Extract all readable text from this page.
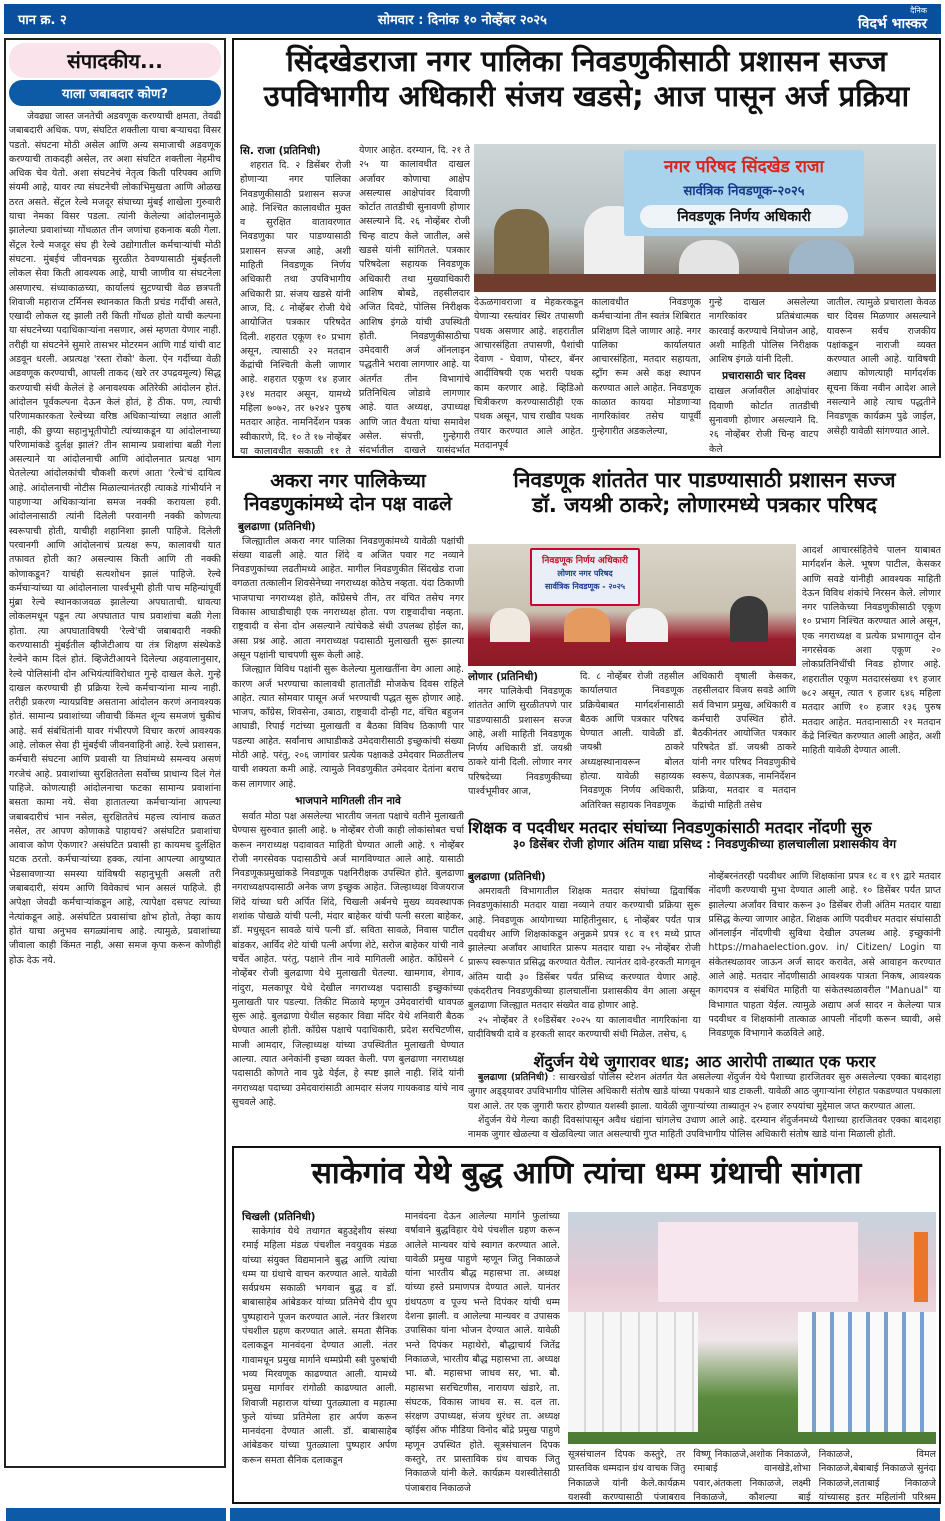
पान क्र. २	सोमवार : दिनांक १० नोव्हेंबर २०२५
दैनिक
विदर्भ भास्कर
संपादकीय...
याला जबाबदार कोण?
जेवढ्या जास्त जनतेची अडवणूक करण्याची क्षमता, तेवढी जबाबदारी अधिक. पण, संघटित शक्तीला याचा बऱ्याचदा विसर पडतो. संघटना मोठी असेल आणि अन्य समाजाची अडवणूक करण्याची ताकदही असेल, तर अशा संघटित शक्तीला नेहमीच अधिक चेव येतो. अशा संघटनेचं नेतृत्व किती परिपक्व आणि संयमी आहे, यावर त्या संघटनेची लोकाभिमुखता आणि ओळख ठरत असते. सेंट्रल रेल्वे मजदूर संघाच्या मुंबई शाखेला गुरुवारी याचा नेमका विसर पडला. त्यांनी केलेल्या आंदोलनामुळे झालेल्या प्रवाशांच्या गोंधळात तीन जणांचा हकनाक बळी गेला. सेंट्रल रेल्वे मजदूर संघ ही रेल्वे उद्योगातील कर्मचाऱ्यांची मोठी संघटना. मुंबईचं जीवनचक्र सुरळीत ठेवण्यासाठी मुंबईतली लोकल सेवा किती आवश्यक आहे, याची जाणीव या संघटनेला असणारच. संध्याकाळच्या, कार्यालयं सुटण्याची वेळ छत्रपती शिवाजी महाराज टर्मिनस स्थानकात किती प्रचंड गर्दीची असते, एखादी लोकल रद्द झाली तरी किती गोंधळ होतो याची कल्पना या संघटनेच्या पदाधिकाऱ्यांना नसणार, असं म्हणता येणार नाही. तरीही या संघटनेने सुमारे तासभर मोटरमन आणि गार्ड यांची वाट अडवून धरली. अप्रत्यक्ष 'रस्ता रोको' केला. ऐन गर्दीच्या वेळी अडवणूक करण्याची, आपली ताकद (खरे तर उपद्रवमूल्य) सिद्ध करण्याची संधी केलेलं हे अनावश्यक अतिरेकी आंदोलन होतं. आंदोलन पूर्वकल्पना देऊन केलं होतं, हे ठीक. पण, त्याची परिणामकारकता रेल्वेच्या वरिष्ठ अधिकाऱ्यांच्या लक्षात आली नाही, की छुप्या सहानुभूतीपोटी त्यांच्याकडून या आंदोलनाच्या परिणामांकडे दुर्लक्ष झालं? तीन सामान्य प्रवाशांचा बळी गेला असल्याने या आंदोलनाची आणि आंदोलनात प्रत्यक्ष भाग घेतलेल्या आंदोलकांची चौकशी करणं आता 'रेल्वे'चं दायित्व आहे. आंदोलनाची नोटीस मिळाल्यानंतरही त्याकडे गांभीर्याने न पाहणाऱ्या अधिकाऱ्यांना समज नक्की करायला हवी. आंदोलनासाठी त्यांनी दिलेली परवानगी नक्की कोणत्या स्वरूपाची होती, याचीही शहानिशा झाली पाहिजे. दिलेली परवानगी आणि आंदोलनाचं प्रत्यक्ष रूप, कालावधी यात तफावत होती का? असल्यास किती आणि ती नक्की कोणाकडून? याचंही सत्यशोधन झालं पाहिजे. रेल्वे कर्मचाऱ्यांच्या या आंदोलनाला पार्श्वभूमी होती पाच महिन्यांपूर्वी मुंब्रा रेल्वे स्थानकाजवळ झालेल्या अपघाताची. धावत्या लोकलमधून पडून त्या अपघातात पाच प्रवाशांचा बळी गेला होता. त्या अपघाताविषयी 'रेल्वे'ची जबाबदारी नक्की करण्यासाठी मुंबईतील व्हीजेटीआय या तंत्र शिक्षण संस्थेकडे रेल्वेने काम दिलं होतं. व्हिजेटीआयने दिलेल्या अहवालानुसार, रेल्वे पोलिसांनी दोन अभियंत्यांविरोधात गुन्हे दाखल केले. गुन्हे दाखल करण्याची ही प्रक्रिया रेल्वे कर्मचाऱ्यांना मान्य नाही. तरीही प्रकरण न्यायप्रविष्ट असताना आंदोलन करणं अनावश्यक होतं. सामान्य प्रवाशांच्या जीवाची किंमत शून्य समजणं चुकीचं आहे. सर्व संबंधितांनी यावर गंभीरपणे विचार करणं आवश्यक आहे. लोकल सेवा ही मुंबईची जीवनवाहिनी आहे. रेल्वे प्रशासन, कर्मचारी संघटना आणि प्रवासी या तिघांमध्ये समन्वय असणं गरजेचं आहे. प्रवाशांच्या सुरक्षिततेला सर्वोच्च प्राधान्य दिलं गेलं पाहिजे. कोणत्याही आंदोलनाचा फटका सामान्य प्रवाशांना बसता कामा नये. सेवा हातातल्या कर्मचाऱ्यांना आपल्या जबाबदारीचं भान नसेल, सुरक्षिततेचं महत्त्व त्यांनाच कळत नसेल, तर आपण कोणाकडे पाहायचं? असंघटित प्रवाशांचा आवाज कोण ऐकणार? असंघटित प्रवासी हा कायमच दुर्लक्षित घटक ठरतो. कर्मचाऱ्यांच्या हक्क, त्यांना आपल्या आयुष्यात भेडसावणाऱ्या समस्या यांविषयी सहानुभूती असली तरी जबाबदारी, संयम आणि विवेकाचं भान असलं पाहिजे. ही अपेक्षा जेवढी कर्मचाऱ्यांकडून आहे, त्यापेक्षा दसपट त्यांच्या नेत्यांकडून आहे. असंघटित प्रवासांचा क्षोभ होतो, तेव्हा काय होतं याचा अनुभव सगळ्यांनाच आहे. त्यामुळे, प्रवाशांच्या जीवाला काही किंमत नाही, असा समज कृपा करून कोणीही होऊ देऊ नये.
सिंदखेडराजा नगर पालिका निवडणुकीसाठी प्रशासन सज्ज
उपविभागीय अधिकारी संजय खडसे; आज पासून अर्ज प्रक्रिया
सि. राजा (प्रतिनिधी)
शहरात दि. २ डिसेंबर रोजी होणाऱ्या नगर पालिका निवडणुकीसाठी प्रशासन सज्ज आहे. निश्चित कालावधीत मुक्त व सुरक्षित वातावरणात निवडणुका पार पाडण्यासाठी प्रशासन सज्ज आहे, अशी माहिती निवडणूक निर्णय अधिकारी तथा उपविभागीय अधिकारी प्रा. संजय खडसे यांनी आज, दि. ८ नोव्हेंबर रोजी येथे आयोजित पत्रकार परिषदेत दिली. शहरात एकूण १० प्रभाग असून, त्यासाठी २२ मतदान केंद्रांची निश्चिती केली जाणार आहे. शहरात एकूण १४ हजार ३१४ मतदार असून, यामध्ये महिला ७०७२, तर ७२४२ पुरुष मतदार आहेत. नामनिर्देशन पत्रक स्वीकारणे, दि. १० ते १७ नोव्हेंबर या कालावधीत सकाळी ११ ते
येणार आहेत. दरम्यान, दि. २१ ते २५ या कालावधीत दाखल अर्जावर कोणाचा आक्षेप असल्यास आक्षेपांवर दिवाणी कोर्टात तातडीची सुनावणी होणार असल्याने दि. २६ नोव्हेंबर रोजी चिन्ह वाटप केले जातील, असे खडसे यांनी सांगितले. पत्रकार परिषदेला सहायक निवडणूक अधिकारी तथा मुख्याधिकारी आशिष बोबडे, तहसीलदार अजित दिवटे, पोलिस निरीक्षक आशिष इंगळे यांची उपस्थिती होती. निवडणुकीसाठीचा उमेदवारी अर्ज ऑनलाइन पद्धतीने भरावा लागणार आहे. या अंतर्गत तीन विभागांचे प्रतिनिधित्व जोडावे लागणार आहे. यात अध्यक्ष, उपाध्यक्ष आणि जात वैधता यांचा समावेश असेल. संपत्ती, गुन्हेगारी संदर्भातील दाखले यासंदर्भात
नगर परिषद सिंदखेड राजा
सार्वत्रिक निवडणूक-२०२५
निवडणूक निर्णय अधिकारी
देऊळगावराजा व मेहकरकडून येणाऱ्या रस्त्यांवर स्थिर तपासणी पथक असणार आहे. शहरातील आचारसंहिता तपासणी, पैशांची देवाण - घेवाण, पोस्टर, बॅनर आदींविषयी एक भरारी पथक काम करणार आहे. व्हिडिओ चित्रीकरण करण्यासाठीही एक पथक असून, पाच राखीव पथक तयार करण्यात आले आहेत. मतदानपूर्व
कालावधीत निवडणूक कर्मचाऱ्यांना तीन स्वतंत्र शिबिरात प्रशिक्षण दिले जाणार आहे. नगर पालिका कार्यालयात आचारसंहिता, मतदार सहायता, स्ट्रॉंग रूम असे कक्ष स्थापन करण्यात आले आहेत. निवडणूक काळात कायदा मोडणाऱ्या नागरिकांवर तसेच यापूर्वी गुन्हेगारीत अडकलेल्या,
गुन्हे दाखल असलेल्या नागरिकांवर प्रतिबंधात्मक कारवाई करण्याचे नियोजन आहे, अशी माहिती पोलिस निरीक्षक आशिष इंगळे यांनी दिली.
प्रचारासाठी चार दिवस
दाखल अर्जावरील आक्षेपांवर दिवाणी कोर्टात तातडीची सुनावणी होणार असल्याने दि. २६ नोव्हेंबर रोजी चिन्ह वाटप केले
जातील. त्यामुळे प्रचाराला केवळ चार दिवस मिळणार असल्याने यावरून सर्वच राजकीय पक्षांकडून नाराजी व्यक्त करण्यात आली आहे. याविषयी अद्याप कोणत्याही मार्गदर्शक सूचना किंवा नवीन आदेश आले नसल्याने आहे त्याच पद्धतीने निवडणूक कार्यक्रम पुढे जाईल, असेही यावेळी सांगण्यात आले.
अकरा नगर पालिकेच्या
निवडणुकांमध्ये दोन पक्ष वाढले
बुलढाणा (प्रतिनिधी)
जिल्ह्यातील अकरा नगर पालिका निवडणुकांमध्ये यावेळी पक्षांची संख्या वाढली आहे. यात शिंदे व अजित पवार गट नव्याने निवडणुकांच्या लढतीमध्ये आहेत. मागील निवडणुकीत सिंदखेड राजा वगळता तत्कालीन शिवसेनेच्या नगराध्यक्ष कोठेच नव्हता. यंदा ठिकाणी भाजपाचा नगराध्यक्ष होते, काँग्रेसचे तीन, तर वंचित तसेच नगर विकास आघाडीचाही एक नगराध्यक्ष होता. पण राष्ट्रवादीचा नव्हता. राष्ट्रवादी व सेना दोन असल्याने त्यांचेकडे संधी उपलब्ध होईल का, असा प्रश्न आहे. आता नगराध्यक्ष पदासाठी मुलाखती सुरू झाल्या असून पक्षांनी चाचपणी सुरू केली आहे.
जिल्ह्यात विविध पक्षांनी सुरू केलेल्या मुलाखतींना वेग आला आहे. कारण अर्ज भरण्याचा कालावधी हातातोंडी मोजकेच दिवस राहिले आहेत. त्यात सोमवार पासून अर्ज भरण्याची पद्धत सुरू होणार आहे. भाजप, काँग्रेस, शिवसेना, उबाठा, राष्ट्रवादी दोन्ही गट, वंचित बहुजन आघाडी, रिपाई गटांच्या मुलाखती व बैठका विविध ठिकाणी पार पडल्या आहेत. सर्वांनाच आघाडीकडे उमेदवारीसाठी इच्छुकांची संख्या मोठी आहे. परंतु, २०६ जागांवर प्रत्येक पक्षाकडे उमेदवार मिळतीलच याची शक्यता कमी आहे. त्यामुळे निवडणुकीत उमेदवार देतांना बराच कस लागणार आहे.
भाजपाने मागितली तीन नावे
सर्वात मोठा पक्ष असलेल्या भारतीय जनता पक्षाचे वतीने मुलाखती घेण्यास सुरुवात झाली आहे. ७ नोव्हेंबर रोजी काही लोकांसोबत चर्चा करून नगराध्यक्ष पदावावत माहिती घेण्यात आली आहे. ९ नोव्हेंबर रोजी नगरसेवक पदासाठीचे अर्ज मागविण्यात आले आहे. यासाठी निवडणूकप्रमुखांकडे निवडणूक पक्षनिरीक्षक उपस्थित होते. बुलढाणा नगराध्यक्षपदासाठी अनेक जण इच्छुक आहेत. जिल्हाध्यक्ष विजयराज शिंदे यांच्या घरी अर्पित शिंदे, चिखली अर्बनचे मुख्य व्यवस्थापक शशांक पोखळे यांची पत्नी, मंदार बाहेकर यांची पत्नी सरला बाहेकर, डॉ. मधुसूदन सावळे यांचे पत्नी डॉ. सविता सावळे, निवास पाटील बांडकर, आर्विद शेटे यांची पत्नी अर्पणा शेटे, सरोज बाहेकर यांची नावे चर्चेत आहेत. परंतु, पक्षाने तीन नावे मागितली आहेत. काँग्रेसने ८ नोव्हेंबर रोजी बुलढाणा येथे मुलाखती घेतल्या. खामगाव, शेगाव, नांदुरा, मलकापूर येथे देखील नगराध्यक्ष पदासाठी इच्छुकांच्या मुलाखती पार पडल्या. तिकीट मिळावे म्हणून उमेदवारांची धावपळ सुरू आहे. बुलढाणा येथील सहकार विद्या मंदिर येथे शनिवारी बैठक घेण्यात आली होती. काँग्रेस पक्षाचे पदाधिकारी, प्रदेश सरचिटणीस, माजी आमदार, जिल्हाध्यक्ष यांच्या उपस्थितीत मुलाखती घेण्यात आल्या. त्यात अनेकांनी इच्छा व्यक्त केली. पण बुलढाणा नगराध्यक्ष पदासाठी कोणते नाव पुढे येईल, हे स्पष्ट झाले नाही. शिंदे यांनी नगराध्यक्ष पदाच्या उमेदवारांसाठी आमदार संजय गायकवाड यांचे नाव सुचवले आहे.
निवडणूक शांततेत पार पाडण्यासाठी प्रशासन सज्ज
डॉ. जयश्री ठाकरे; लोणारमध्ये पत्रकार परिषद
निवडणूक निर्णय अधिकारी
लोणार नगर परिषद
सार्वत्रिक निवडणूक - २०२५
आदर्श आचारसंहितेचे पालन याबाबत मार्गदर्शन केले. भूषण पाटील, केसकर आणि सवडे यांनीही आवश्यक माहिती देऊन विविध शंकांचे निरसन केले. लोणार नगर पालिकेच्या निवडणुकीसाठी एकूण १० प्रभाग निश्चित करण्यात आले असून, एक नगराध्यक्ष व प्रत्येक प्रभागातून दोन नगरसेवक अशा एकूण २० लोकप्रतिनिधींची निवड होणार आहे. शहरातील एकूण मतदारसंख्या १९ हजार ७८२ असून, त्यात ९ हजार ६४६ महिला मतदार आणि १० हजार १३६ पुरुष मतदार आहेत. मतदानासाठी २१ मतदान केंद्रे निश्चित करण्यात आली आहेत, अशी माहिती यावेळी देण्यात आली.
लोणार (प्रतिनिधी)
नगर पालिकेची निवडणूक शांततेत आणि सुरळीतपणे पार पाडण्यासाठी प्रशासन सज्ज आहे, अशी माहिती निवडणूक निर्णय अधिकारी डॉ. जयश्री ठाकरे यांनी दिली. लोणार नगर परिषदेच्या निवडणुकीच्या पार्श्वभूमीवर आज,
दि. ८ नोव्हेंबर रोजी तहसील कार्यालयात निवडणूक प्रक्रियेबाबत मार्गदर्शनासाठी बैठक आणि पत्रकार परिषद घेण्यात आली. यावेळी डॉ. जयश्री ठाकरे अध्यक्षस्थानावरून बोलत होत्या. यावेळी सहाय्यक निवडणूक निर्णय अधिकारी, अतिरिक्त सहायक निवडणूक
अधिकारी वृषाली केसकर, तहसीलदार विजय सवडे आणि सर्व विभाग प्रमुख, अधिकारी व कर्मचारी उपस्थित होते. बैठकीनंतर आयोजित पत्रकार परिषदेत डॉ. जयश्री ठाकरे यांनी नगर परिषद निवडणुकीचे स्वरूप, वेळापत्रक, नामनिर्देशन प्रक्रिया, मतदार व मतदान केंद्रांची माहिती तसेच
शिक्षक व पदवीधर मतदार संघांच्या निवडणुकांसाठी मतदार नोंदणी सुरु
३० डिसेंबर रोजी होणार अंतिम याद्या प्रसिध्द : निवडणुकीच्या हालचालीला प्रशासकीय वेग
बुलढाणा (प्रतिनिधी)
अमरावती विभागातील शिक्षक मतदार संघांच्या द्विवार्षिक निवडणुकांसाठी मतदार याद्या नव्याने तयार करण्याची प्रक्रिया सुरू आहे. निवडणूक आयोगाच्या माहितीनुसार, ६ नोव्हेंबर पर्यंत पात्र पदवीधर आणि शिक्षकांकडून अनुक्रमे प्रपत्र १८ व १९ मध्ये प्राप्त झालेल्या अर्जांवर आधारित प्रारूप मतदार याद्या २५ नोव्हेंबर रोजी प्रारूप स्वरूपात प्रसिद्ध करण्यात येतील. त्यानंतर दावे-हरकती मागवून अंतिम यादी ३० डिसेंबर पर्यंत प्रसिध्द करण्यात येणार आहे. एकंदरीतच निवडणुकीच्या हालचालींना प्रशासकीय वेग आला असून बुलढाणा जिल्ह्यात मतदार संख्येत वाढ होणार आहे.
२५ नोव्हेंबर ते १०डिसेंबर २०२५ या कालावधीत नागरिकांना या यादीविषयी दावे व हरकती सादर करण्याची संधी मिळेल. तसेच, ६
नोव्हेंबरनंतरही पदवीधर आणि शिक्षकांना प्रपत्र १८ व १९ द्वारे मतदार नोंदणी करण्याची मुभा देण्यात आली आहे. १० डिसेंबर पर्यंत प्राप्त झालेल्या अर्जांवर विचार करून ३० डिसेंबर रोजी अंतिम मतदार याद्या प्रसिद्ध केल्या जाणार आहेत. शिक्षक आणि पदवीधर मतदार संघांसाठी ऑनलाईन नोंदणीची सुविधा देखील उपलब्ध आहे. इच्छुकांनी https://mahaelection.gov. in/ Citizen/ Login या संकेतस्थळावर जाऊन अर्ज सादर करावेत, असे आवाहन करण्यात आले आहे. मतदार नोंदणीसाठी आवश्यक पात्रता निकष, आवश्यक कागदपत्र व संबंधित माहिती या संकेतस्थळावरील "Manual" या विभागात पाहता येईल. त्यामुळे अद्याप अर्ज सादर न केलेल्या पात्र पदवीधर व शिक्षकांनी तात्काळ आपली नोंदणी करून घ्यावी, असे निवडणूक विभागाने कळविले आहे.
शेंदुर्जन येथे जुगारावर धाड; आठ आरोपी ताब्यात एक फरार
बुलढाणा (प्रतिनिधी) : साखरखेर्डा पोलिस स्टेशन अंतर्गत येत असलेल्या शेंदुर्जन येथे पैशाच्या हारजितवर सुरु असलेल्या एक्का बादशहा जुगार अड्ड्यावर उपविभागीय पोलिस अधिकारी संतोष खाडे यांच्या पथकाने धाड टाकली. यावेळी आठ जुगाऱ्यांना रंगेहात पकडण्यात पथकाला यश आले. तर एक जुगारी फरार होण्यात यशस्वी झाला. यावेळी जुगाऱ्यांच्या ताब्यातून २५ हजार रुपयांचा मुद्देमाल जप्त करण्यात आला.
शेंदुर्जन येथे गेल्या काही दिवसांपासून अवैध धंद्यांना चांगलेच उधाण आले आहे. दरम्यान शेंदुर्जनमध्ये पैशाच्या हारजितवर एक्का बादशहा नामक जुगार खेळल्या व खेळविल्या जात असल्याची गुप्त माहिती उपविभागीय पोलिस अधिकारी संतोष खाडे यांना मिळाली होती.
साकेगांव येथे बुद्ध आणि त्यांचा धम्म ग्रंथाची सांगता
चिखली (प्रतिनिधी)
साकेगांव येथे तथागत बहुउद्देशीय संस्था रमाई महिला मंडळ पंचशील नवयुवक मंडळ यांच्या संयुक्त विद्यमानाने बुद्ध आणि त्यांचा धम्म या ग्रंथाचे वाचन करण्यात आले. यावेळी सर्वप्रथम सकाळी भगवान बुद्ध व डॉ. बाबासाहेब आंबेडकर यांच्या प्रतिमेचे दीप धूप पुष्पहाराने पूजन करण्यात आले. नंतर त्रिशरण पंचशील ग्रहण करण्यात आले. समता सैनिक दलाकडून मानवंदना देण्यात आली. नंतर गावामधून प्रमुख मार्गाने धम्मप्रेमी स्त्री पुरुषांची भव्य मिरवणूक काढण्यात आली. यामध्ये प्रमुख मार्गावर रांगोळी काढण्यात आली. शिवाजी महाराज यांच्या पुतळ्याला व महात्मा फुले यांच्या प्रतिमेला हार अर्पण करून मानवंदना देण्यात आली. डॉ. बाबासाहेब आंबेडकर यांच्या पुतळ्याला पुष्पहार अर्पण करून समता सैनिक दलाकडून
मानवंदना देऊन आलेल्या मार्गाने फुलांच्या वर्षावाने बुद्धविहार येथे पंचशील ग्रहण करून आलेले मान्यवर यांचे स्वागत करण्यात आले. यावेळी प्रमुख पाहुणे म्हणून जितु निकाळजे यांना भारतीय बौद्ध महासभा ता. अध्यक्ष यांच्या हस्ते प्रमाणपत्र देण्यात आले. यानंतर ग्रंथपठण व पूज्य भन्ते दिपंकर यांची धम्म देशना झाली. व आलेल्या मान्यवर व उपासक उपासिका यांना भोजन देण्यात आले. यावेळी भन्ते दिपंकर महाथेरो, बौद्धाचार्य जितेंद्र निकाळजे, भारतीय बौद्ध महासभा ता. अध्यक्ष भा. बौ. महासभा जाधव सर, भा. बौ. महासभा सरचिटणीस, नारायण खंडारे, ता. संघटक, विकास जाधव स. स. दल ता. संरक्षण उपाध्यक्ष, संजय धुरंधर ता. अध्यक्ष व्हॉईस ऑफ मीडिया विनोद बोंद्रे प्रमुख पाहुणे म्हणून उपस्थित होते. सूत्रसंचालन दिपक कस्तुरे, तर प्रास्ताविक ग्रंथ वाचक जितु निकाळजे यांनी केले. कार्यक्रम यशस्वीतेसाठी पंजाबराव निकाळजे
सूत्रसंचालन दिपक कस्तुरे, तर प्रास्तविक धम्मदान ग्रंथ वाचक जितु निकाळजे यांनी केले.कार्यक्रम यशस्वी करण्यासाठी पंजाबराव
विष्णू निकाळजे,अशोक निकाळजे, रमाबाई वानखेडे,शोभा पवार,अंतकला निकाळजे, लक्ष्मी निकाळजे, कौशल्या बाई
निकाळजे, विमल निकाळजे,बेबाबाई निकाळजे सुनंदा निकाळजे,लताबाई निकाळजे यांच्यासह इतर महिलांनी परिश्रम
